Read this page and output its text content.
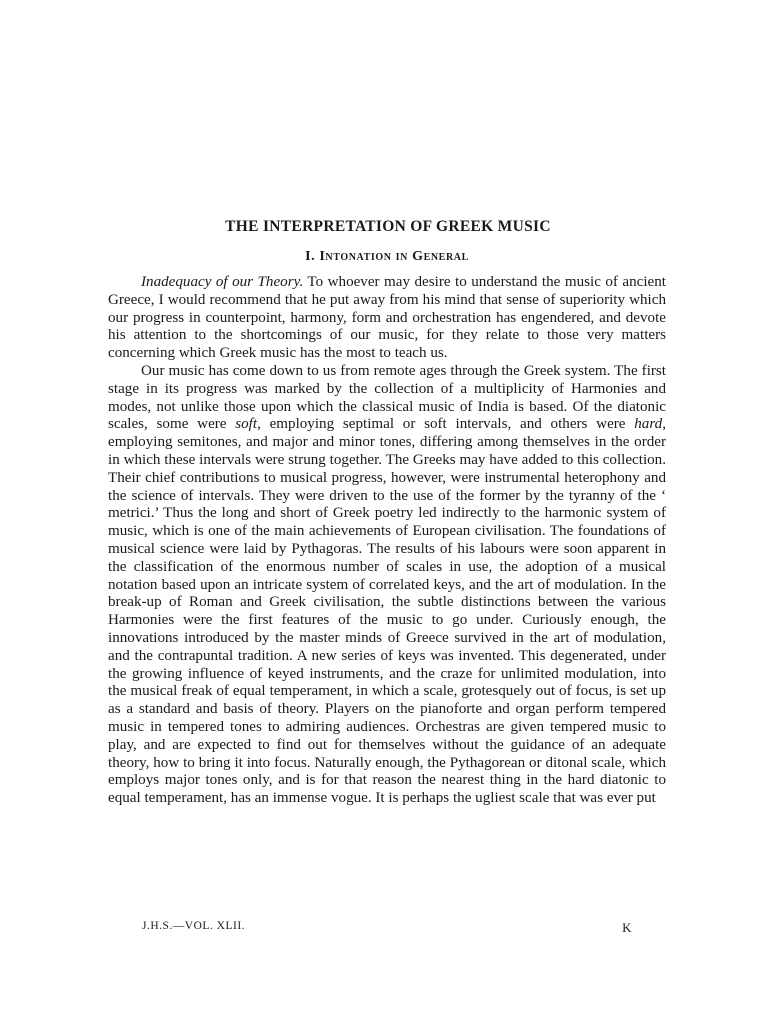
THE INTERPRETATION OF GREEK MUSIC
I. Intonation in General

Inadequacy of our Theory. To whoever may desire to understand the music of ancient Greece, I would recommend that he put away from his mind that sense of superiority which our progress in counterpoint, harmony, form and orchestration has engendered, and devote his attention to the shortcomings of our music, for they relate to those very matters concerning which Greek music has the most to teach us.

Our music has come down to us from remote ages through the Greek system. The first stage in its progress was marked by the collection of a multiplicity of Harmonies and modes, not unlike those upon which the classical music of India is based. Of the diatonic scales, some were soft, employing septimal or soft intervals, and others were hard, employing semitones, and major and minor tones, differing among themselves in the order in which these intervals were strung together. The Greeks may have added to this collection. Their chief contributions to musical progress, however, were instrumental heterophony and the science of intervals. They were driven to the use of the former by the tyranny of the ‘ metrici.’ Thus the long and short of Greek poetry led indirectly to the harmonic system of music, which is one of the main achievements of European civilisation. The foundations of musical science were laid by Pythagoras. The results of his labours were soon apparent in the classification of the enormous number of scales in use, the adoption of a musical notation based upon an intricate system of correlated keys, and the art of modulation. In the break-up of Roman and Greek civilisation, the subtle distinctions between the various Harmonies were the first features of the music to go under. Curiously enough, the innovations introduced by the master minds of Greece survived in the art of modulation, and the contrapuntal tradition. A new series of keys was invented. This degenerated, under the growing influence of keyed instruments, and the craze for unlimited modulation, into the musical freak of equal temperament, in which a scale, grotesquely out of focus, is set up as a standard and basis of theory. Players on the pianoforte and organ perform tempered music in tempered tones to admiring audiences. Orchestras are given tempered music to play, and are expected to find out for themselves without the guidance of an adequate theory, how to bring it into focus. Naturally enough, the Pythagorean or ditonal scale, which employs major tones only, and is for that reason the nearest thing in the hard diatonic to equal temperament, has an immense vogue. It is perhaps the ugliest scale that was ever put

J.H.S.—VOL. XLII.	K
